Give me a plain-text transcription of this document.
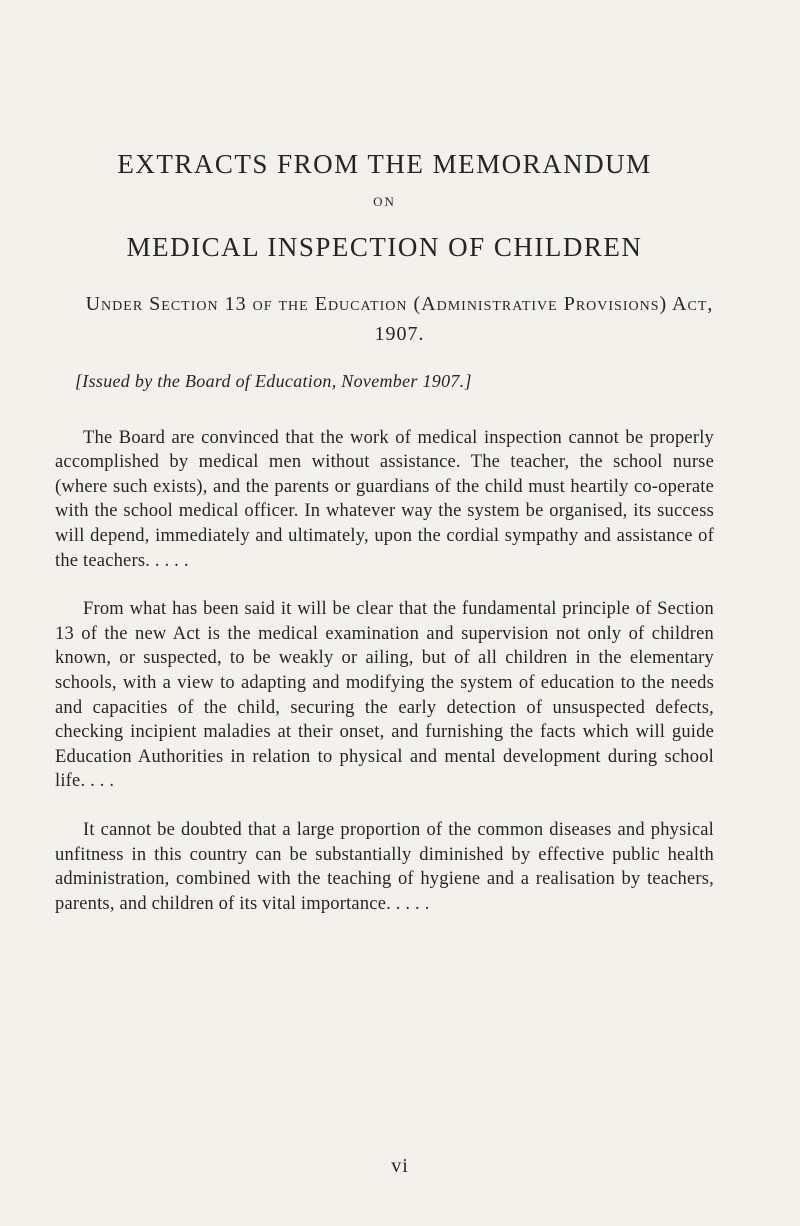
EXTRACTS FROM THE MEMORANDUM
ON
MEDICAL INSPECTION OF CHILDREN
Under Section 13 of the Education (Administrative Provisions) Act, 1907.
[Issued by the Board of Education, November 1907.]

The Board are convinced that the work of medical inspection cannot be properly accomplished by medical men without assistance. The teacher, the school nurse (where such exists), and the parents or guardians of the child must heartily co-operate with the school medical officer. In whatever way the system be organised, its success will depend, immediately and ultimately, upon the cordial sympathy and assistance of the teachers. . . . .

From what has been said it will be clear that the fundamental principle of Section 13 of the new Act is the medical examination and supervision not only of children known, or suspected, to be weakly or ailing, but of all children in the elementary schools, with a view to adapting and modifying the system of education to the needs and capacities of the child, securing the early detection of unsuspected defects, checking incipient maladies at their onset, and furnishing the facts which will guide Education Authorities in relation to physical and mental development during school life. . . .

It cannot be doubted that a large proportion of the common diseases and physical unfitness in this country can be substantially diminished by effective public health administration, combined with the teaching of hygiene and a realisation by teachers, parents, and children of its vital importance. . . . .

vi
